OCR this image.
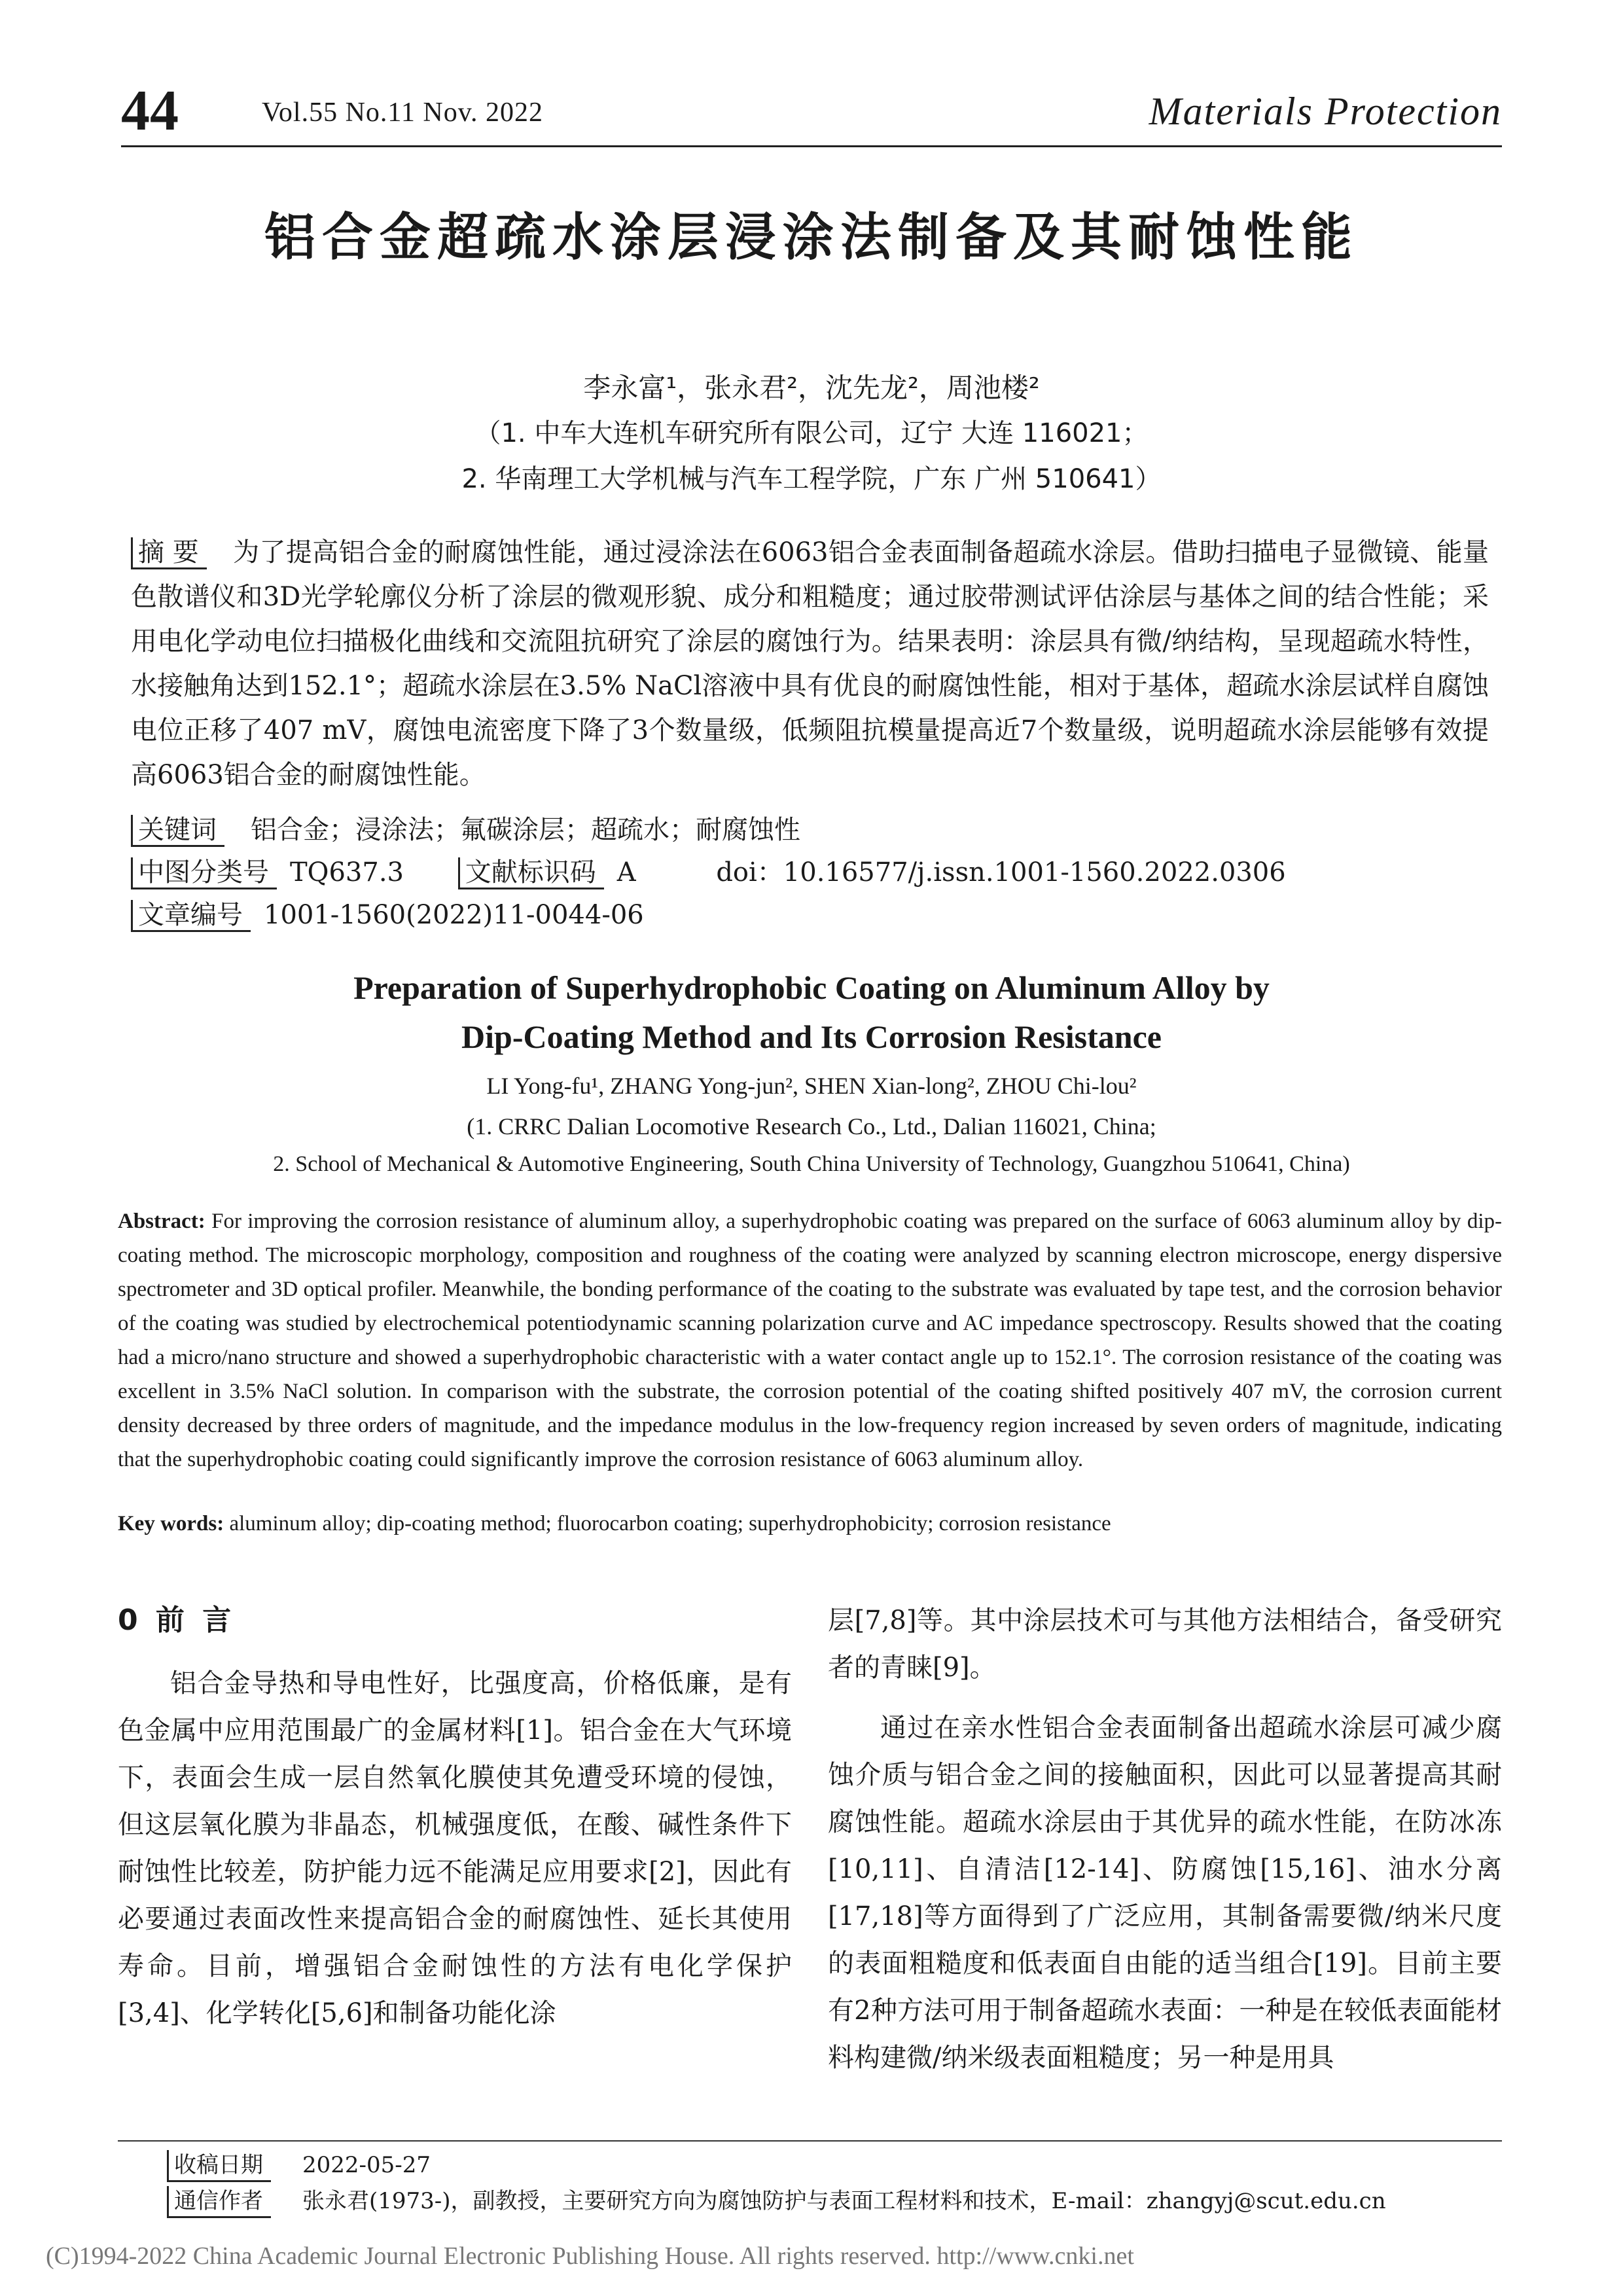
44	Vol.55 No.11 Nov. 2022	Materials Protection
铝合金超疏水涂层浸涂法制备及其耐蚀性能
李永富¹，张永君²，沈先龙²，周池楼²
（1. 中车大连机车研究所有限公司，辽宁 大连 116021；
2. 华南理工大学机械与汽车工程学院，广东 广州 510641）
摘 要 为了提高铝合金的耐腐蚀性能，通过浸涂法在6063铝合金表面制备超疏水涂层。借助扫描电子显微镜、能量色散谱仪和3D光学轮廓仪分析了涂层的微观形貌、成分和粗糙度；通过胶带测试评估涂层与基体之间的结合性能；采用电化学动电位扫描极化曲线和交流阻抗研究了涂层的腐蚀行为。结果表明：涂层具有微/纳结构，呈现超疏水特性，水接触角达到152.1°；超疏水涂层在3.5% NaCl溶液中具有优良的耐腐蚀性能，相对于基体，超疏水涂层试样自腐蚀电位正移了407 mV，腐蚀电流密度下降了3个数量级，低频阻抗模量提高近7个数量级，说明超疏水涂层能够有效提高6063铝合金的耐腐蚀性能。
关键词 铝合金；浸涂法；氟碳涂层；超疏水；耐腐蚀性
中图分类号 TQ637.3 文献标识码 A	doi：10.16577/j.issn.1001-1560.2022.0306
文章编号 1001-1560(2022)11-0044-06
Preparation of Superhydrophobic Coating on Aluminum Alloy by
Dip-Coating Method and Its Corrosion Resistance
LI Yong-fu¹, ZHANG Yong-jun², SHEN Xian-long², ZHOU Chi-lou²
(1. CRRC Dalian Locomotive Research Co., Ltd., Dalian 116021, China;
2. School of Mechanical & Automotive Engineering, South China University of Technology, Guangzhou 510641, China)
Abstract: For improving the corrosion resistance of aluminum alloy, a superhydrophobic coating was prepared on the surface of 6063 aluminum alloy by dip-coating method. The microscopic morphology, composition and roughness of the coating were analyzed by scanning electron microscope, energy dispersive spectrometer and 3D optical profiler. Meanwhile, the bonding performance of the coating to the substrate was evaluated by tape test, and the corrosion behavior of the coating was studied by electrochemical potentiodynamic scanning polarization curve and AC impedance spectroscopy. Results showed that the coating had a micro/nano structure and showed a superhydrophobic characteristic with a water contact angle up to 152.1°. The corrosion resistance of the coating was excellent in 3.5% NaCl solution. In comparison with the substrate, the corrosion potential of the coating shifted positively 407 mV, the corrosion current density decreased by three orders of magnitude, and the impedance modulus in the low-frequency region increased by seven orders of magnitude, indicating that the superhydrophobic coating could significantly improve the corrosion resistance of 6063 aluminum alloy.
Key words: aluminum alloy; dip-coating method; fluorocarbon coating; superhydrophobicity; corrosion resistance
0 前 言

铝合金导热和导电性好，比强度高，价格低廉，是有色金属中应用范围最广的金属材料[1]。铝合金在大气环境下，表面会生成一层自然氧化膜使其免遭受环境的侵蚀，但这层氧化膜为非晶态，机械强度低，在酸、碱性条件下耐蚀性比较差，防护能力远不能满足应用要求[2]，因此有必要通过表面改性来提高铝合金的耐腐蚀性、延长其使用寿命。目前，增强铝合金耐蚀性的方法有电化学保护[3,4]、化学转化[5,6]和制备功能化涂

层[7,8]等。其中涂层技术可与其他方法相结合，备受研究者的青睐[9]。

通过在亲水性铝合金表面制备出超疏水涂层可减少腐蚀介质与铝合金之间的接触面积，因此可以显著提高其耐腐蚀性能。超疏水涂层由于其优异的疏水性能，在防冰冻[10,11]、自清洁[12-14]、防腐蚀[15,16]、油水分离[17,18]等方面得到了广泛应用，其制备需要微/纳米尺度的表面粗糙度和低表面自由能的适当组合[19]。目前主要有2种方法可用于制备超疏水表面：一种是在较低表面能材料构建微/纳米级表面粗糙度；另一种是用具

收稿日期 2022-05-27
通信作者 张永君(1973-)，副教授，主要研究方向为腐蚀防护与表面工程材料和技术，E-mail：zhangyj@scut.edu.cn
(C)1994-2022 China Academic Journal Electronic Publishing House. All rights reserved. http://www.cnki.net
